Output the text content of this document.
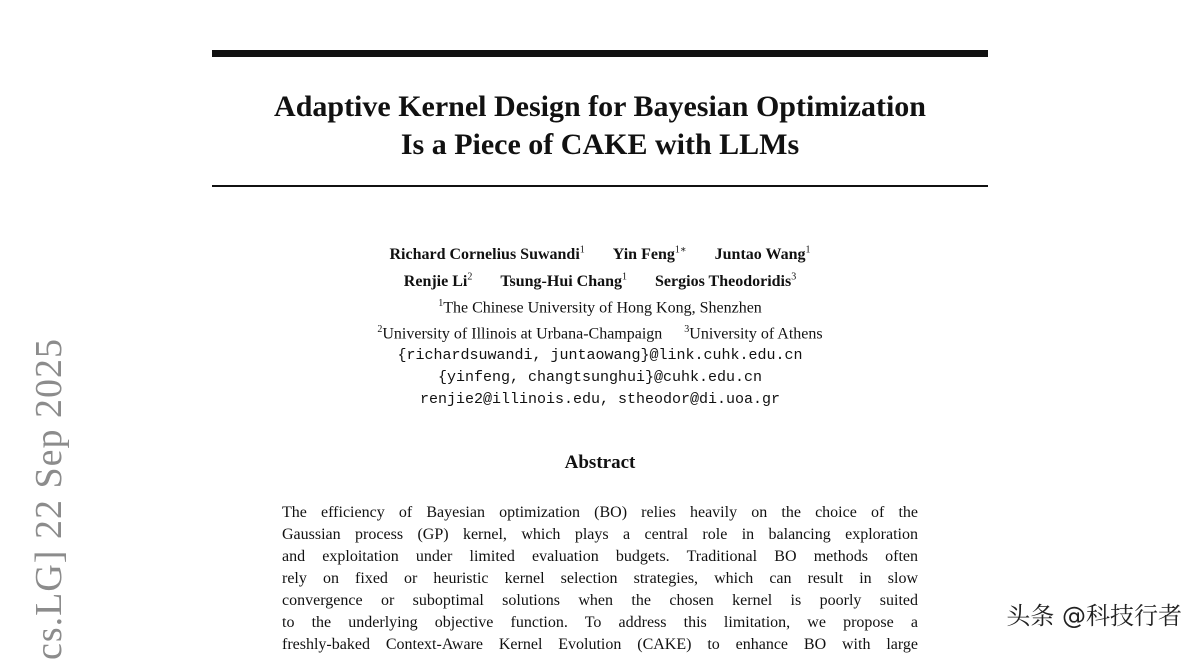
Adaptive Kernel Design for Bayesian Optimization
Is a Piece of CAKE with LLMs
Richard Cornelius Suwandi$^1$ Yin Feng$^{1∗}$ Juntao Wang$^1$
Renjie Li$^2$ Tsung-Hui Chang$^1$ Sergios Theodoridis$^3$
$^1$The Chinese University of Hong Kong, Shenzhen
$^2$University of Illinois at Urbana-Champaign $^3$University of Athens
{richardsuwandi, juntaowang}@link.cuhk.edu.cn
{yinfeng, changtsunghui}@cuhk.edu.cn
renjie2@illinois.edu, stheodor@di.uoa.gr
Abstract
The efficiency of Bayesian optimization (BO) relies heavily on the choice of the
Gaussian process (GP) kernel, which plays a central role in balancing exploration
and exploitation under limited evaluation budgets. Traditional BO methods often
rely on fixed or heuristic kernel selection strategies, which can result in slow
convergence or suboptimal solutions when the chosen kernel is poorly suited
to the underlying objective function. To address this limitation, we propose a
freshly-baked Context-Aware Kernel Evolution (CAKE) to enhance BO with large
cs.LG] 22 Sep 2025	头条 @科技行者
